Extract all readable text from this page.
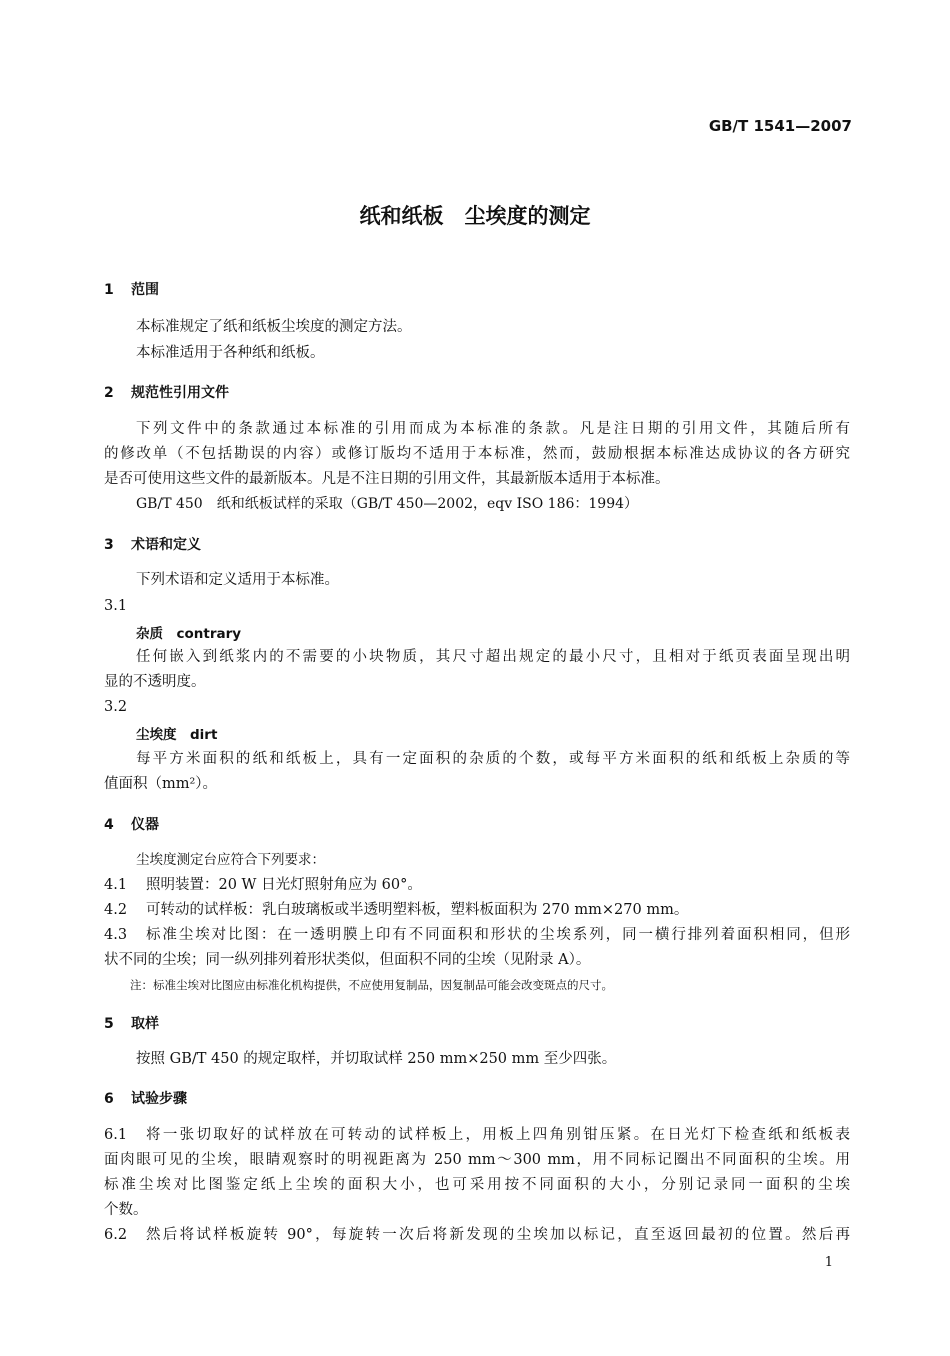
GB/T 1541—2007
纸和纸板　尘埃度的测定
1 范围
本标准规定了纸和纸板尘埃度的测定方法。
本标准适用于各种纸和纸板。
2 规范性引用文件
下列文件中的条款通过本标准的引用而成为本标准的条款。凡是注日期的引用文件，其随后所有
的修改单（不包括勘误的内容）或修订版均不适用于本标准，然而，鼓励根据本标准达成协议的各方研究
是否可使用这些文件的最新版本。凡是不注日期的引用文件，其最新版本适用于本标准。
GB/T 450　纸和纸板试样的采取（GB/T 450—2002，eqv ISO 186：1994）
3 术语和定义
下列术语和定义适用于本标准。
3.1
杂质　contrary
任何嵌入到纸浆内的不需要的小块物质，其尺寸超出规定的最小尺寸，且相对于纸页表面呈现出明
显的不透明度。
3.2
尘埃度　dirt
每平方米面积的纸和纸板上，具有一定面积的杂质的个数，或每平方米面积的纸和纸板上杂质的等
值面积（mm²）。
4 仪器
尘埃度测定台应符合下列要求：
4.1 照明装置：20 W 日光灯照射角应为 60°。
4.2 可转动的试样板：乳白玻璃板或半透明塑料板，塑料板面积为 270 mm×270 mm。
4.3	标准尘埃对比图：在一透明膜上印有不同面积和形状的尘埃系列，同一横行排列着面积相同，但形
状不同的尘埃；同一纵列排列着形状类似，但面积不同的尘埃（见附录 A）。
注：标准尘埃对比图应由标准化机构提供，不应使用复制品，因复制品可能会改变斑点的尺寸。
5 取样
按照 GB/T 450 的规定取样，并切取试样 250 mm×250 mm 至少四张。
6 试验步骤
6.1	将一张切取好的试样放在可转动的试样板上，用板上四角别钳压紧。在日光灯下检查纸和纸板表
面肉眼可见的尘埃，眼睛观察时的明视距离为 250 mm～300 mm，用不同标记圈出不同面积的尘埃。用
标准尘埃对比图鉴定纸上尘埃的面积大小，也可采用按不同面积的大小，分别记录同一面积的尘埃
个数。
6.2	然后将试样板旋转 90°，每旋转一次后将新发现的尘埃加以标记，直至返回最初的位置。然后再
1
